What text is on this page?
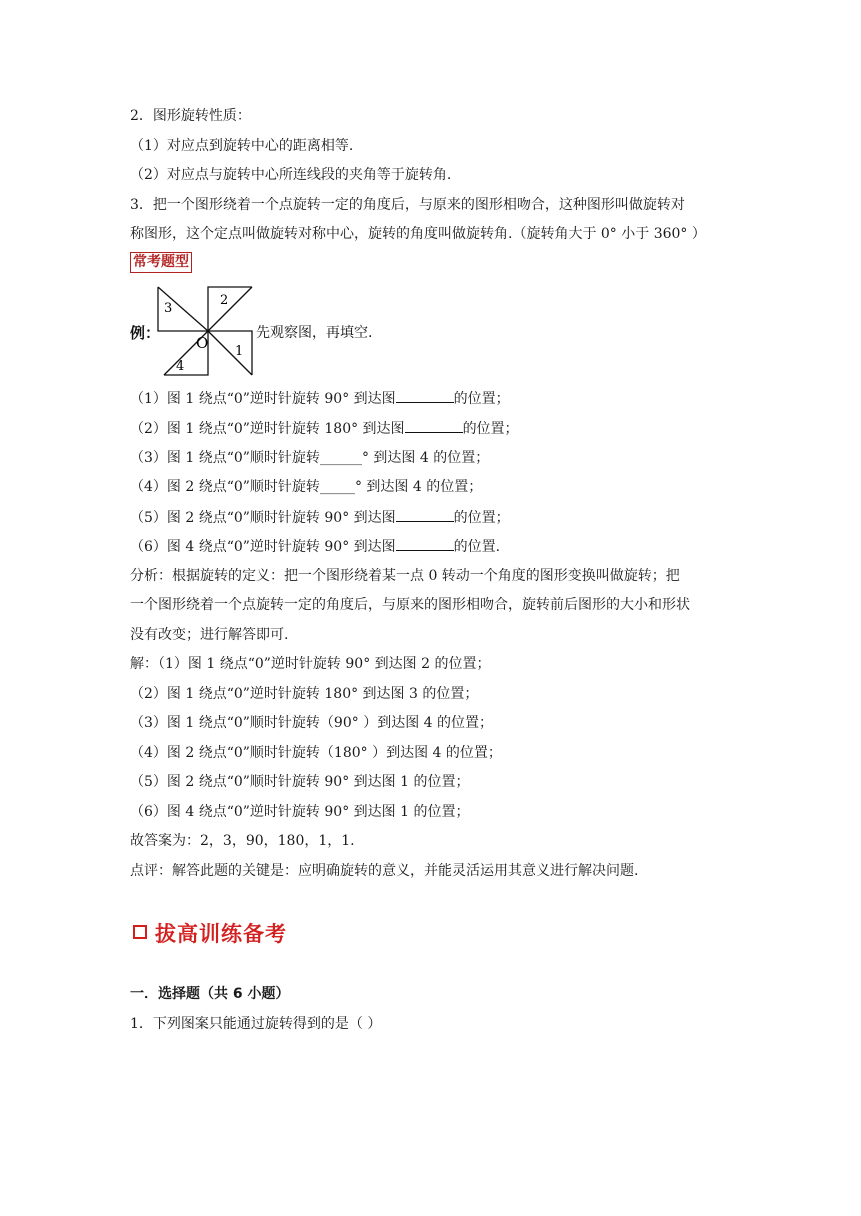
2．图形旋转性质：
（1）对应点到旋转中心的距离相等.
（2）对应点与旋转中心所连线段的夹角等于旋转角.
3．把一个图形绕着一个点旋转一定的角度后，与原来的图形相吻合，这种图形叫做旋转对
称图形，这个定点叫做旋转对称中心，旋转的角度叫做旋转角.（旋转角大于 0° 小于 360° ）
常考题型
例：
3
2
1
4
O
先观察图，再填空.
（1）图 1 绕点“0”逆时针旋转 90° 到达图	的位置；
（2）图 1 绕点“0”逆时针旋转 180° 到达图	的位置；
（3）图 1 绕点“0”顺时针旋转______° 到达图 4 的位置；
（4）图 2 绕点“0”顺时针旋转_____° 到达图 4 的位置；
（5）图 2 绕点“0”顺时针旋转 90° 到达图	的位置；
（6）图 4 绕点“0”逆时针旋转 90° 到达图	的位置.
分析：根据旋转的定义：把一个图形绕着某一点 0 转动一个角度的图形变换叫做旋转；把
一个图形绕着一个点旋转一定的角度后，与原来的图形相吻合，旋转前后图形的大小和形状
没有改变；进行解答即可.
解：（1）图 1 绕点“0”逆时针旋转 90° 到达图 2 的位置；
（2）图 1 绕点“0”逆时针旋转 180° 到达图 3 的位置；
（3）图 1 绕点“0”顺时针旋转（90° ）到达图 4 的位置；
（4）图 2 绕点“0”顺时针旋转（180° ）到达图 4 的位置；
（5）图 2 绕点“0”顺时针旋转 90° 到达图 1 的位置；
（6）图 4 绕点“0”逆时针旋转 90° 到达图 1 的位置；
故答案为：2，3，90，180，1，1.
点评：解答此题的关键是：应明确旋转的意义，并能灵活运用其意义进行解决问题.
拔高训练备考
一．选择题（共 6 小题）
1．下列图案只能通过旋转得到的是（ ）
